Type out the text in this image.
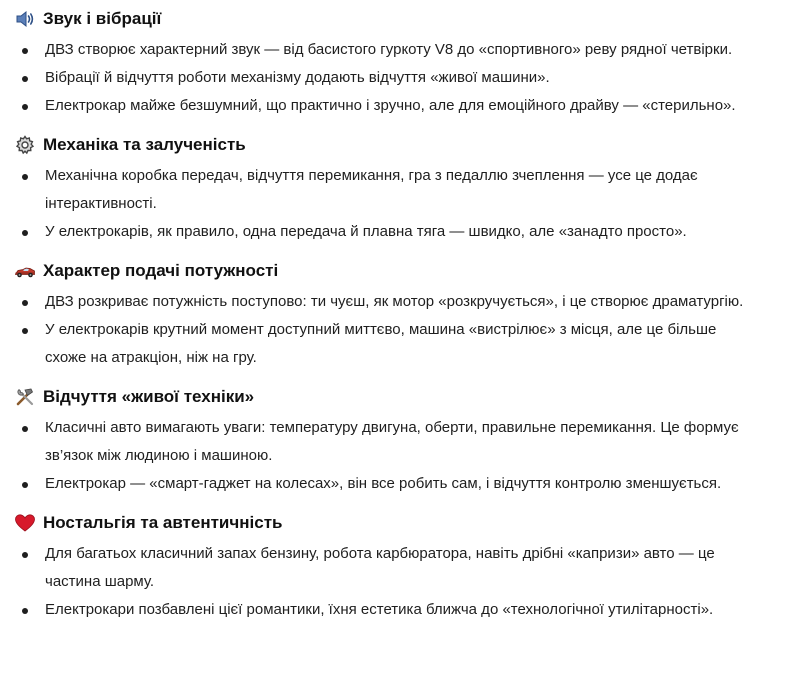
Звук і вібрації
ДВЗ створює характерний звук — від басистого гуркоту V8 до «спортивного» реву рядної четвірки.
Вібрації й відчуття роботи механізму додають відчуття «живої машини».
Електрокар майже безшумний, що практично і зручно, але для емоційного драйву — «стерильно».
Механіка та залученість
Механічна коробка передач, відчуття перемикання, гра з педаллю зчеплення — усе це додає інтерактивності.
У електрокарів, як правило, одна передача й плавна тяга — швидко, але «занадто просто».
Характер подачі потужності
ДВЗ розкриває потужність поступово: ти чуєш, як мотор «розкручується», і це створює драматургію.
У електрокарів крутний момент доступний миттєво, машина «вистрілює» з місця, але це більше схоже на атракціон, ніж на гру.
Відчуття «живої техніки»
Класичні авто вимагають уваги: температуру двигуна, оберти, правильне перемикання. Це формує зв’язок між людиною і машиною.
Електрокар — «смарт-гаджет на колесах», він все робить сам, і відчуття контролю зменшується.
Ностальгія та автентичність
Для багатьох класичний запах бензину, робота карбюратора, навіть дрібні «капризи» авто — це частина шарму.
Електрокари позбавлені цієї романтики, їхня естетика ближча до «технологічної утилітарності».
